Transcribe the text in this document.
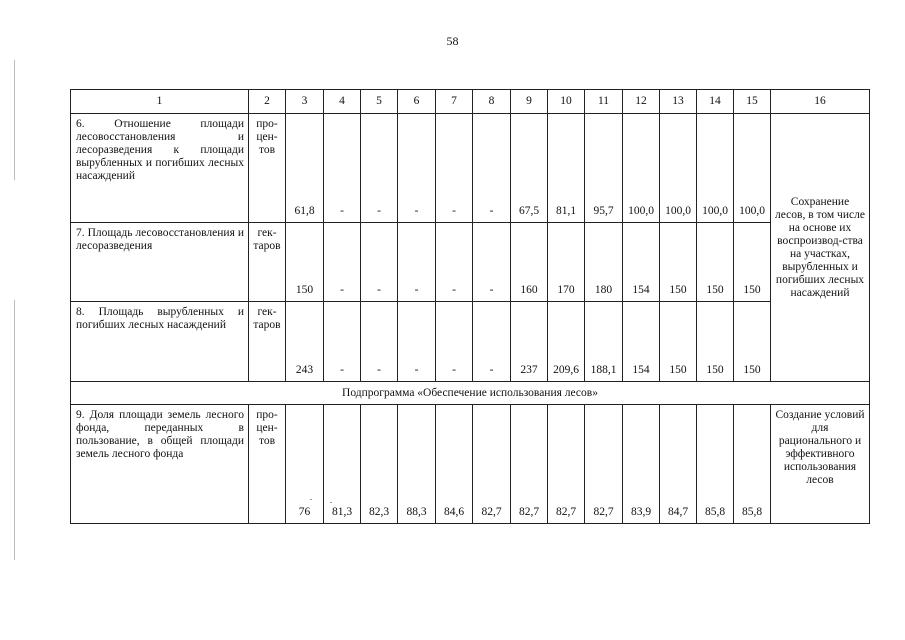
58
1	2	3	4	5	6	7	8	9	10	11	12	13	14	15	16
6. Отношение площади лесовосстановления и лесоразведения к площади вырубленных и погибших лесных насаждений	про-цен-тов	61,8	-	-	-	-	-	67,5	81,1	95,7	100,0	100,0	100,0	100,0	Сохранение лесов, в том числе на основе их воспроизвод-ства на участках, вырубленных и погибших лесных насаждений
7. Площадь лесовосстановления и лесоразведения	гек-таров	150	-	-	-	-	-	160	170	180	154	150	150	150	
8. Площадь вырубленных и погибших лесных насаждений	гек-таров	243	-	-	-	-	-	237	209,6	188,1	154	150	150	150	
Подпрограмма «Обеспечение использования лесов»															
9. Доля площади земель лесного фонда, переданных в пользование, в общей площади земель лесного фонда	про-цен-тов	76	81,3	82,3	88,3	84,6	82,7	82,7	82,7	82,7	83,9	84,7	85,8	85,8	Создание условий для рационального и эффективного использования лесов
